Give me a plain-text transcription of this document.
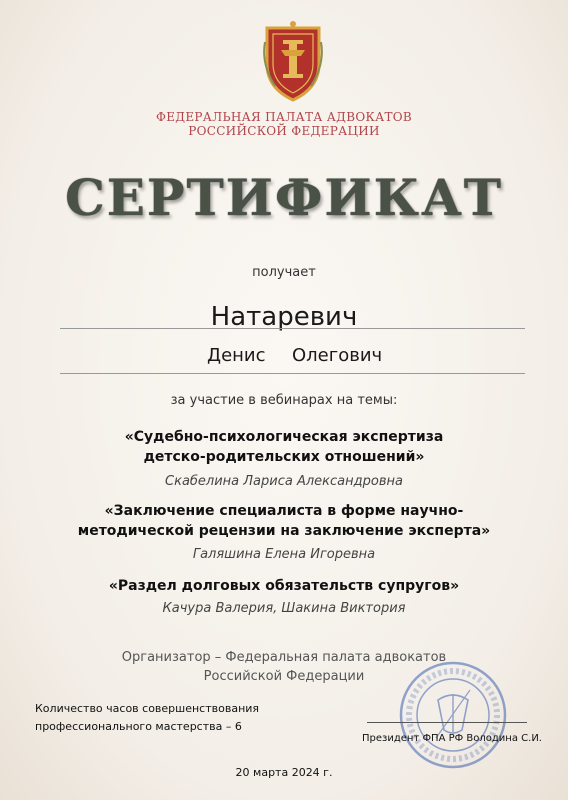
ФЕДЕРАЛЬНАЯ ПАЛАТА АДВОКАТОВ
РОССИЙСКОЙ ФЕДЕРАЦИИ
СЕРТИФИКАТ
получает
Натаревич
Денис Олегович
за участие в вебинарах на темы:
«Судебно-психологическая экспертиза
детско-родительских отношений»
Скабелина Лариса Александровна
«Заключение специалиста в форме научно-
методической рецензии на заключение эксперта»
Галяшина Елена Игоревна
«Раздел долговых обязательств супругов»
Качура Валерия, Шакина Виктория
Организатор – Федеральная палата адвокатов
Российской Федерации
Количество часов совершенствования
профессионального мастерства – 6
Президент ФПА РФ Володина С.И.
20 марта 2024 г.
